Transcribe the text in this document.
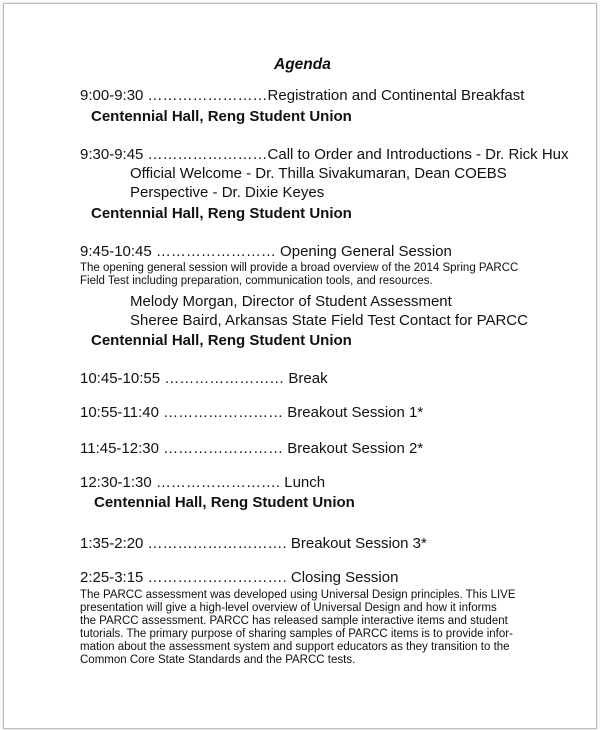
Agenda
9:00-9:30 ……………………Registration and Continental Breakfast
Centennial Hall, Reng Student Union
9:30-9:45 ……………………Call to Order and Introductions - Dr. Rick Hux
Official Welcome - Dr. Thilla Sivakumaran, Dean COEBS
Perspective - Dr. Dixie Keyes
Centennial Hall, Reng Student Union
9:45-10:45 …………………… Opening General Session
The opening general session will provide a broad overview of the 2014 Spring PARCC
Field Test including preparation, communication tools, and resources.
Melody Morgan, Director of Student Assessment
Sheree Baird, Arkansas State Field Test Contact for PARCC
Centennial Hall, Reng Student Union
10:45-10:55 …………………… Break
10:55-11:40 …………………… Breakout Session 1*
11:45-12:30 …………………… Breakout Session 2*
12:30-1:30 ……………………. Lunch
Centennial Hall, Reng Student Union
1:35-2:20 ………………………. Breakout Session 3*
2:25-3:15 ………………………. Closing Session
The PARCC assessment was developed using Universal Design principles. This LIVE
presentation will give a high-level overview of Universal Design and how it informs
the PARCC assessment. PARCC has released sample interactive items and student
tutorials. The primary purpose of sharing samples of PARCC items is to provide infor-
mation about the assessment system and support educators as they transition to the
Common Core State Standards and the PARCC tests.
